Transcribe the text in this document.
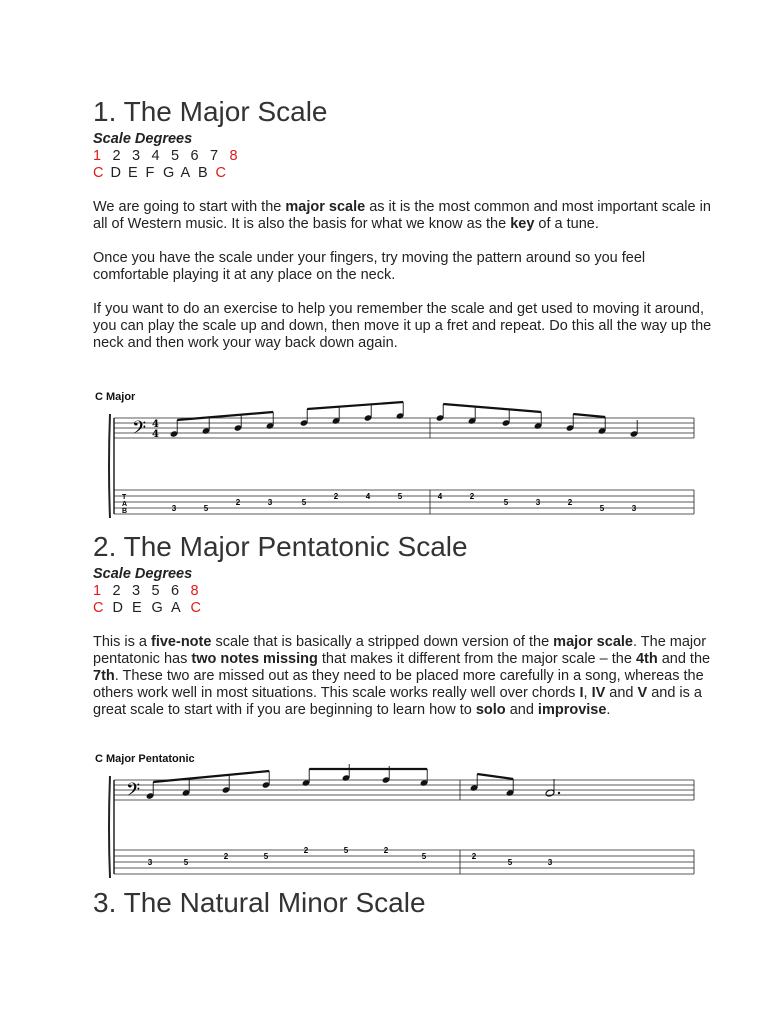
1. The Major Scale
Scale Degrees
1 2 3 4 5 6 7 8
C D E F G A B C

We are going to start with the major scale as it is the most common and most important scale in all of Western music. It is also the basis for what we know as the key of a tune.

Once you have the scale under your fingers, try moving the pattern around so you feel comfortable playing it at any place on the neck.

If you want to do an exercise to help you remember the scale and get used to moving it around, you can play the scale up and down, then move it up a fret and repeat. Do this all the way up the neck and then work your way back down again.

C Major
𝄢 4
4
T
A
B	3	5
2	3	5
2	4	5	4	2
5	3	2
5	3
2. The Major Pentatonic Scale
Scale Degrees
1 2 3 5 6 8
C D E G A C

This is a five-note scale that is basically a stripped down version of the major scale. The major pentatonic has two notes missing that makes it different from the major scale – the 4th and the 7th. These two are missed out as they need to be placed more carefully in a song, whereas the others work well in most situations. This scale works really well over chords I, IV and V and is a great scale to start with if you are beginning to learn how to solo and improvise.

C Major Pentatonic
𝄢
3	5
2	5
2	5	2
5	2
5	3
3. The Natural Minor Scale
